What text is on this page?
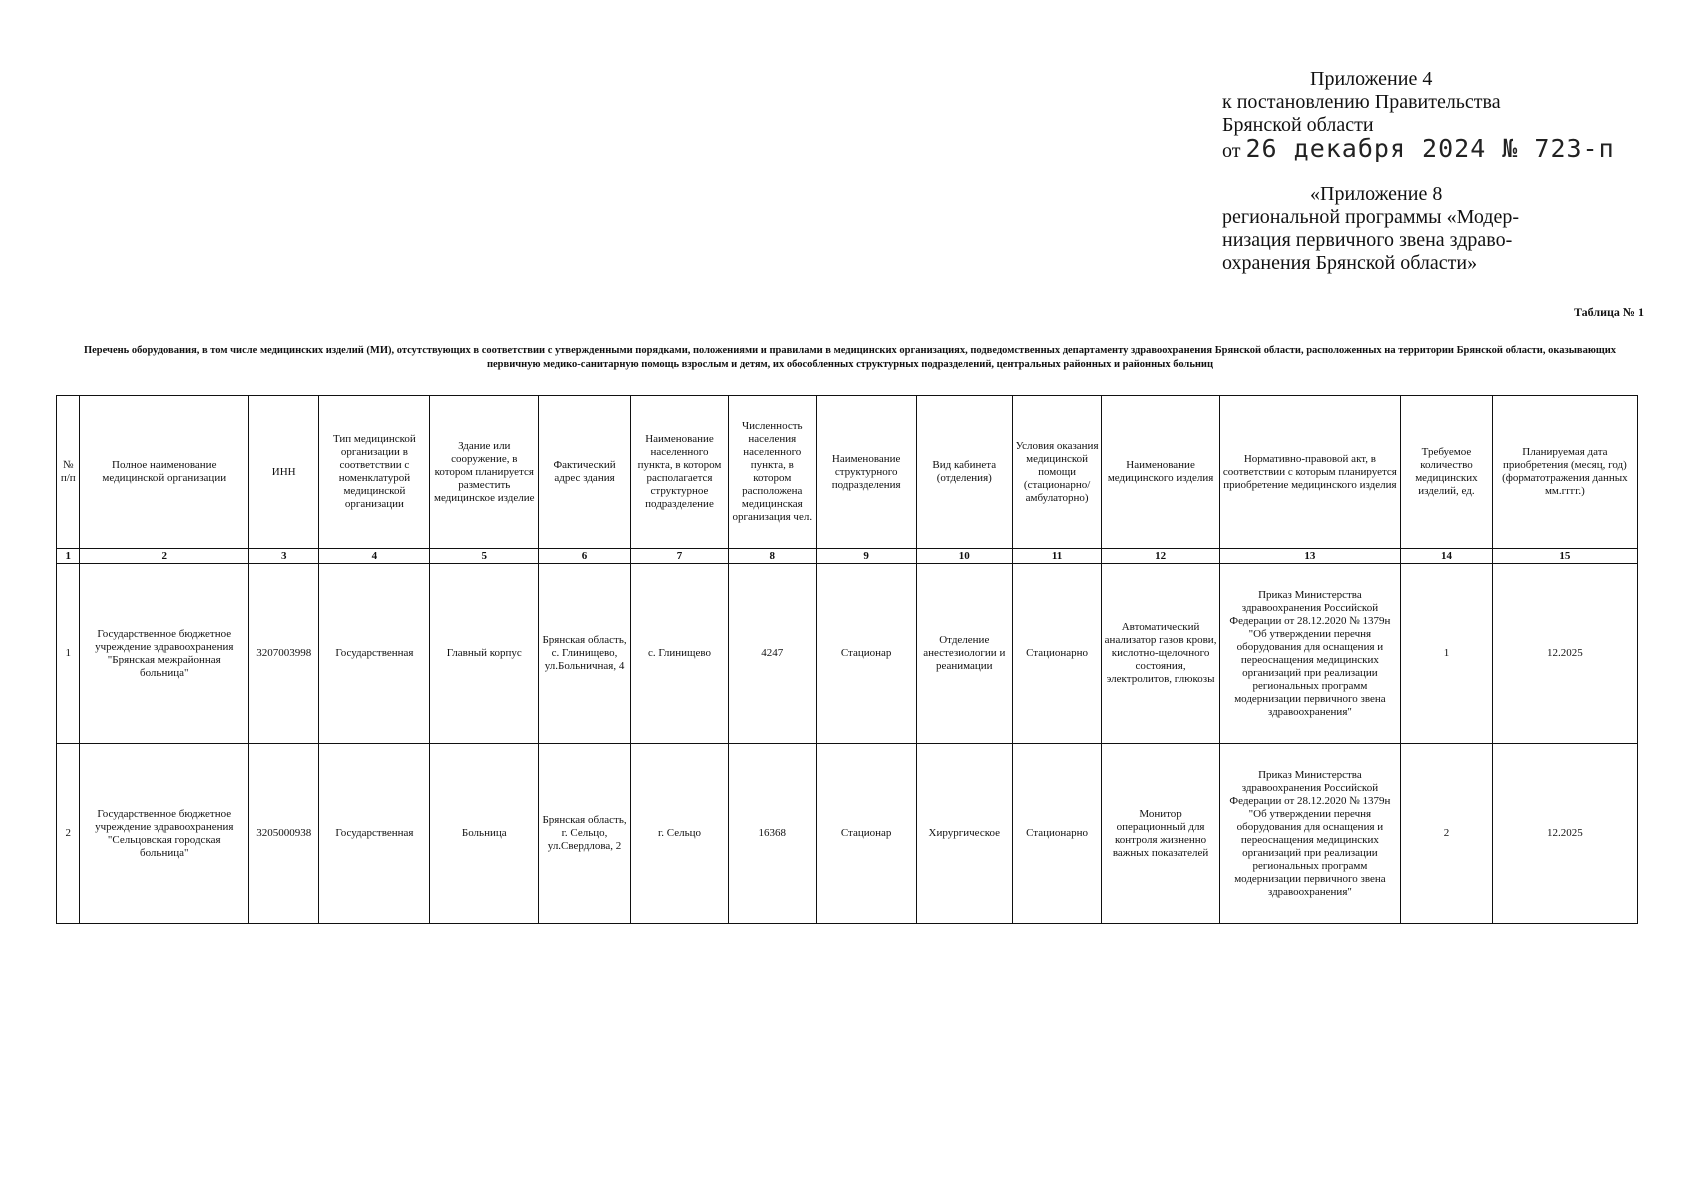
Приложение 4
к постановлению Правительства
Брянской области
от 26 декабря 2024 № 723-п
«Приложение 8
региональной программы «Модер-
низация первичного звена здраво-
охранения Брянской области»
Таблица № 1
Перечень оборудования, в том числе медицинских изделий (МИ), отсутствующих в соответствии с утвержденными порядками, положениями и правилами в медицинских организациях, подведомственных департаменту здравоохранения Брянской области, расположенных на территории Брянской области, оказывающих первичную медико-санитарную помощь взрослым и детям, их обособленных структурных подразделений, центральных районных и районных больниц
№ п/п	Полное наименование медицинской организации	ИНН	Тип медицинской организации в соответствии с номенклатурой медицинской организации	Здание или сооружение, в котором планируется разместить медицинское изделие	Фактический адрес здания	Наименование населенного пункта, в котором располагается структурное подразделение	Численность населения населенного пункта, в котором расположена медицинская организация чел.	Наименование структурного подразделения	Вид кабинета (отделения)	Условия оказания медицинской помощи (стационарно/амбулаторно)	Наименование медицинского изделия	Нормативно-правовой акт, в соответствии с которым планируется приобретение медицинского изделия	Требуемое количество медицинских изделий, ед.	Планируемая дата приобретения (месяц, год) (форматотражения данных мм.гггг.)
1	2	3	4	5	6	7	8	9	10	11	12	13	14	15
1	Государственное бюджетное учреждение здравоохранения "Брянская межрайонная больница"	3207003998	Государственная	Главный корпус	Брянская область, с. Глинищево, ул.Больничная, 4	с. Глинищево	4247	Стационар	Отделение анестезиологии и реанимации	Стационарно	Автоматический анализатор газов крови, кислотно-щелочного состояния, электролитов, глюкозы	Приказ Министерства здравоохранения Российской Федерации от 28.12.2020 № 1379н "Об утверждении перечня оборудования для оснащения и переоснащения медицинских организаций при реализации региональных программ модернизации первичного звена здравоохранения"	1	12.2025
2	Государственное бюджетное учреждение здравоохранения "Сельцовская городская больница"	3205000938	Государственная	Больница	Брянская область, г. Сельцо, ул.Свердлова, 2	г. Сельцо	16368	Стационар	Хирургическое	Стационарно	Монитор операционный для контроля жизненно важных показателей	Приказ Министерства здравоохранения Российской Федерации от 28.12.2020 № 1379н "Об утверждении перечня оборудования для оснащения и переоснащения медицинских организаций при реализации региональных программ модернизации первичного звена здравоохранения"	2	12.2025
